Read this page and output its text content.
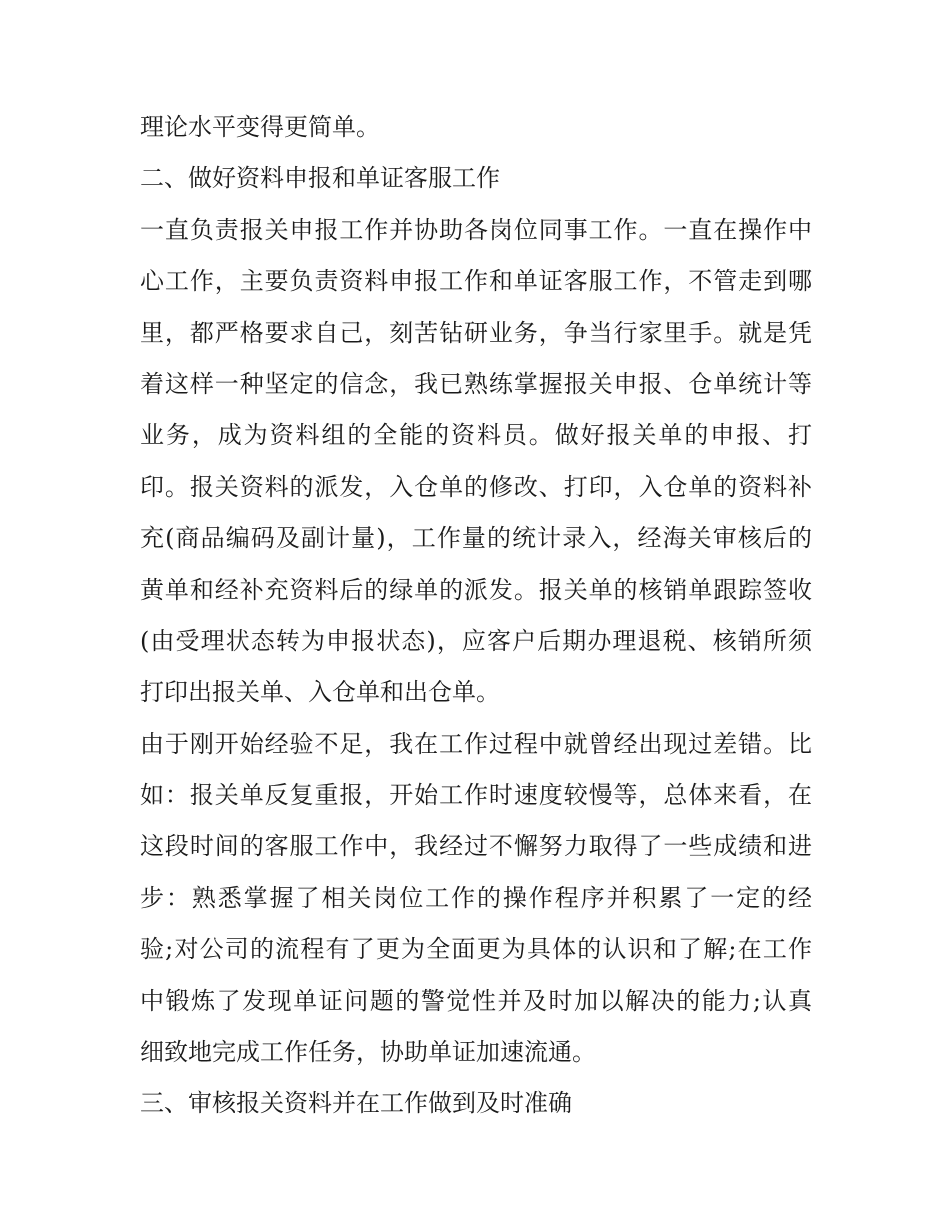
理论水平变得更简单。
二、做好资料申报和单证客服工作
一直负责报关申报工作并协助各岗位同事工作。一直在操作中
心工作，主要负责资料申报工作和单证客服工作，不管走到哪
里，都严格要求自己，刻苦钻研业务，争当行家里手。就是凭
着这样一种坚定的信念，我已熟练掌握报关申报、仓单统计等
业务，成为资料组的全能的资料员。做好报关单的申报、打
印。报关资料的派发，入仓单的修改、打印，入仓单的资料补
充(商品编码及副计量)，工作量的统计录入，经海关审核后的
黄单和经补充资料后的绿单的派发。报关单的核销单跟踪签收
(由受理状态转为申报状态)，应客户后期办理退税、核销所须
打印出报关单、入仓单和出仓单。
由于刚开始经验不足，我在工作过程中就曾经出现过差错。比
如：报关单反复重报，开始工作时速度较慢等，总体来看，在
这段时间的客服工作中，我经过不懈努力取得了一些成绩和进
步：熟悉掌握了相关岗位工作的操作程序并积累了一定的经
验;对公司的流程有了更为全面更为具体的认识和了解;在工作
中锻炼了发现单证问题的警觉性并及时加以解决的能力;认真
细致地完成工作任务，协助单证加速流通。
三、审核报关资料并在工作做到及时准确
